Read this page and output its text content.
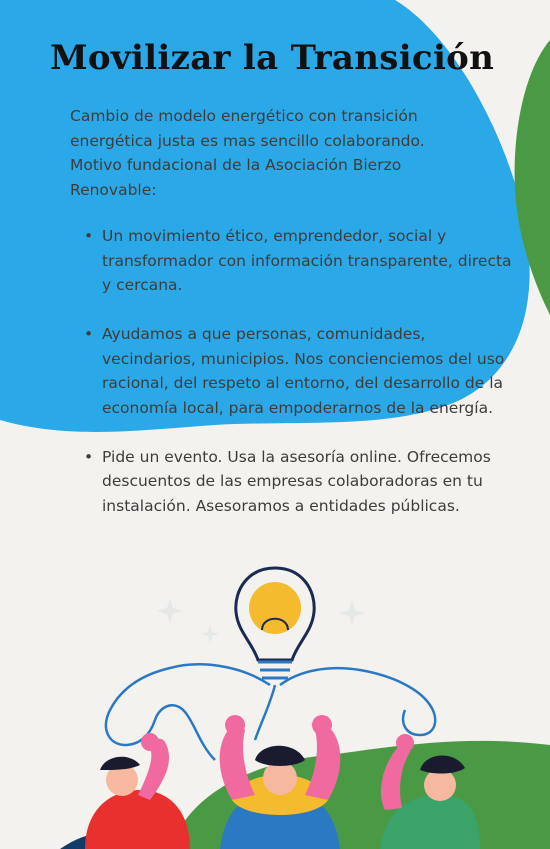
Movilizar la Transición

Cambio de modelo energético con transición energética justa es mas sencillo colaborando. Motivo fundacional de la Asociación Bierzo Renovable:

• Un movimiento ético, emprendedor, social y transformador con información transparente, directa y cercana.
• Ayudamos a que personas, comunidades, vecindarios, municipios. Nos concienciemos del uso racional, del respeto al entorno, del desarrollo de la economía local, para empoderarnos de la energía.
• Pide un evento. Usa la asesoría online. Ofrecemos descuentos de las empresas colaboradoras en tu instalación. Asesoramos a entidades públicas.
